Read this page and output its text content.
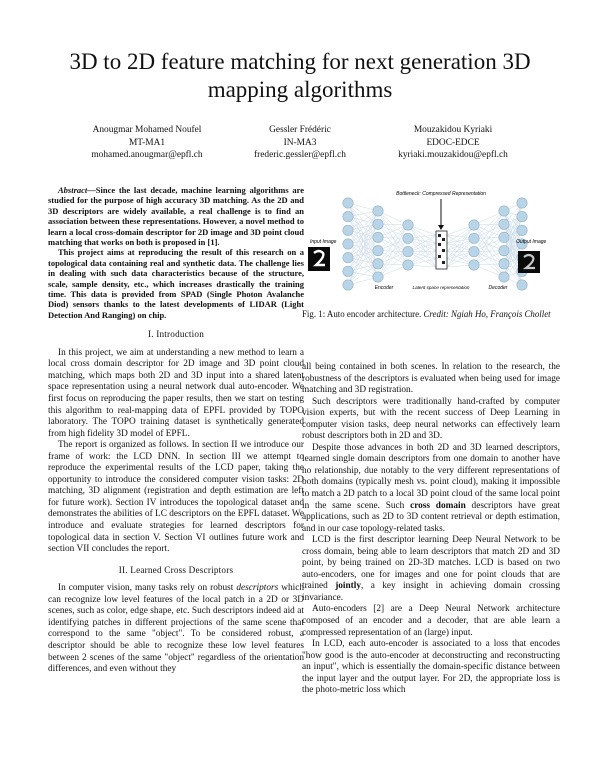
3D to 2D feature matching for next generation 3D mapping algorithms
Anougmar Mohamed Noufel
MT-MA1
mohamed.anougmar@epfl.ch
Gessler Frédéric
IN-MA3
frederic.gessler@epfl.ch
Mouzakidou Kyriaki
EDOC-EDCE
kyriaki.mouzakidou@epfl.ch

Abstract—Since the last decade, machine learning algorithms are studied for the purpose of high accuracy 3D matching. As the 2D and 3D descriptors are widely available, a real challenge is to find an association between these representations. However, a novel method to learn a local cross-domain descriptor for 2D image and 3D point cloud matching that works on both is proposed in [1].

This project aims at reproducing the result of this research on a topological data containing real and synthetic data. The challenge lies in dealing with such data characteristics because of the structure, scale, sample density, etc., which increases drastically the training time. This data is provided from SPAD (Single Photon Avalanche Diod) sensors thanks to the latest developments of LIDAR (Light Detection And Ranging) on chip.

I. Introduction

In this project, we aim at understanding a new method to learn a local cross domain descriptor for 2D image and 3D point cloud matching, which maps both 2D and 3D input into a shared latent space representation using a neural network dual auto-encoder. We first focus on reproducing the paper results, then we start on testing this algorithm to real-mapping data of EPFL provided by TOPO laboratory. The TOPO training dataset is synthetically generated from high fidelity 3D model of EPFL.

The report is organized as follows. In section II we introduce our frame of work: the LCD DNN. In section III we attempt to reproduce the experimental results of the LCD paper, taking the opportunity to introduce the considered computer vision tasks: 2D matching, 3D alignment (registration and depth estimation are left for future work). Section IV introduces the topological dataset and demonstrates the abilities of LC descriptors on the EPFL dataset. We introduce and evaluate strategies for learned descriptors for topological data in section V. Section VI outlines future work and section VII concludes the report.

II. Learned Cross Descriptors

In computer vision, many tasks rely on robust descriptors which can recognize low level features of the local patch in a 2D or 3D scenes, such as color, edge shape, etc. Such descriptors indeed aid at identifying patches in different projections of the same scene that correspond to the same "object". To be considered robust, a descriptor should be able to recognize these low level features between 2 scenes of the same "object" regardless of the orientation differences, and even without they

Bottleneck: Compressed Representation
Input Image	Output Image
Encoder	Decoder
Latent space representation
Fig. 1: Auto encoder architecture. Credit: Ngiah Ho, François Chollet

all being contained in both scenes. In relation to the research, the robustness of the descriptors is evaluated when being used for image matching and 3D registration.

Such descriptors were traditionally hand-crafted by computer vision experts, but with the recent success of Deep Learning in computer vision tasks, deep neural networks can effectively learn robust descriptors both in 2D and 3D.

Despite those advances in both 2D and 3D learned descriptors, learned single domain descriptors from one domain to another have no relationship, due notably to the very different representations of both domains (typically mesh vs. point cloud), making it impossible to match a 2D patch to a local 3D point cloud of the same local point in the same scene. Such cross domain descriptors have great applications, such as 2D to 3D content retrieval or depth estimation, and in our case topology-related tasks.

LCD is the first descriptor learning Deep Neural Network to be cross domain, being able to learn descriptors that match 2D and 3D point, by being trained on 2D-3D matches. LCD is based on two auto-encoders, one for images and one for point clouds that are trained jointly, a key insight in achieving domain crossing invariance.

Auto-encoders [2] are a Deep Neural Network architecture composed of an encoder and a decoder, that are able learn a compressed representation of an (large) input.

In LCD, each auto-encoder is associated to a loss that encodes "how good is the auto-encoder at deconstructing and reconstructing an input", which is essentially the domain-specific distance between the input layer and the output layer. For 2D, the appropriate loss is the photo-metric loss which
